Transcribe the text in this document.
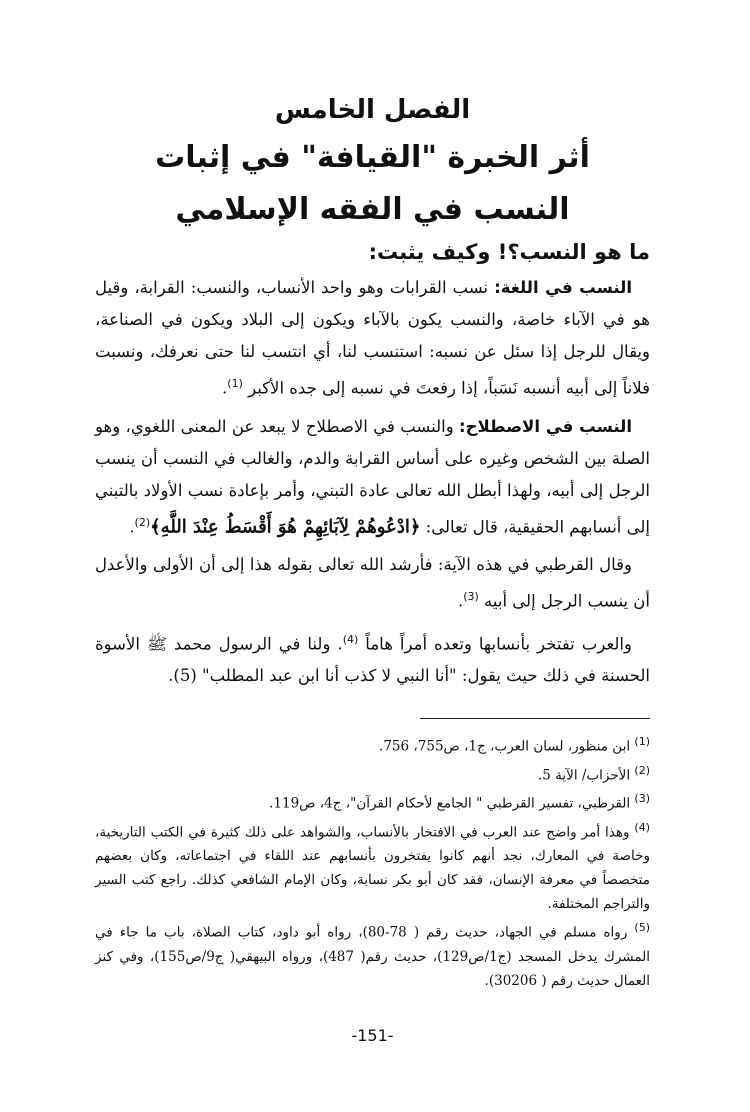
الفصل الخامس

أثر الخبرة "القيافة" في إثبات

النسب في الفقه الإسلامي

ما هو النسب؟! وكيف يثبت:

النسب في اللغة: نسب القرابات وهو واحد الأنساب، والنسب: القرابة، وقيل هو في الآباء خاصة، والنسب يكون بالآباء ويكون إلى البلاد ويكون في الصناعة، ويقال للرجل إذا سئل عن نسبه: استنسب لنا، أي انتسب لنا حتى نعرفك، ونسبت فلاناً إلى أبيه أنسبه نَسَباً، إذا رفعتَ في نسبه إلى جده الأكبر $^{(1)}$.

النسب في الاصطلاح: والنسب في الاصطلاح لا يبعد عن المعنى اللغوي، وهو الصلة بين الشخص وغيره على أساس القرابة والدم، والغالب في النسب أن ينسب الرجل إلى أبيه، ولهذا أبطل الله تعالى عادة التبني، وأمر بإعادة نسب الأولاد بالتبني إلى أنسابهم الحقيقية، قال تعالى: ﴿ادْعُوهُمْ لِآبَائِهِمْ هُوَ أَقْسَطُ عِنْدَ اللَّهِ﴾$^{(2)}$.

وقال القرطبي في هذه الآية: فأرشد الله تعالى بقوله هذا إلى أن الأولى والأعدل أن ينسب الرجل إلى أبيه $^{(3)}$.

والعرب تفتخر بأنسابها وتعده أمراً هاماً $^{(4)}$. ولنا في الرسول محمد ﷺ الأسوة الحسنة في ذلك حيث يقول: "أنا النبي لا كذب أنا ابن عبد المطلب" (5).

$^{(1)}$ ابن منظور، لسان العرب، ج1، ص755، 756.

$^{(2)}$ الأحزاب/ الآية 5.

$^{(3)}$ القرطبي، تفسير القرطبي " الجامع لأحكام القرآن"، ج4، ص119.

$^{(4)}$ وهذا أمر واضح عند العرب في الافتخار بالأنساب، والشواهد على ذلك كثيرة في الكتب التاريخية، وخاصة في المعارك، نجد أنهم كانوا يفتخرون بأنسابهم عند اللقاء في اجتماعاته، وكان بعضهم متخصصاً في معرفة الإنسان، فقد كان أبو بكر نسابة، وكان الإمام الشافعي كذلك. راجع كتب السير والتراجم المختلفة.

$^{(5)}$ رواه مسلم في الجهاد، حديث رقم ( 78-80)، رواه أبو داود، كتاب الصلاة، باب ما جاء في المشرك يدخل المسجد (ج1/ص129)، حديث رقم( 487)، ورواه البيهقي( ج9/ص155)، وفي كنز العمال حديث رقم ( 30206).

-151-
